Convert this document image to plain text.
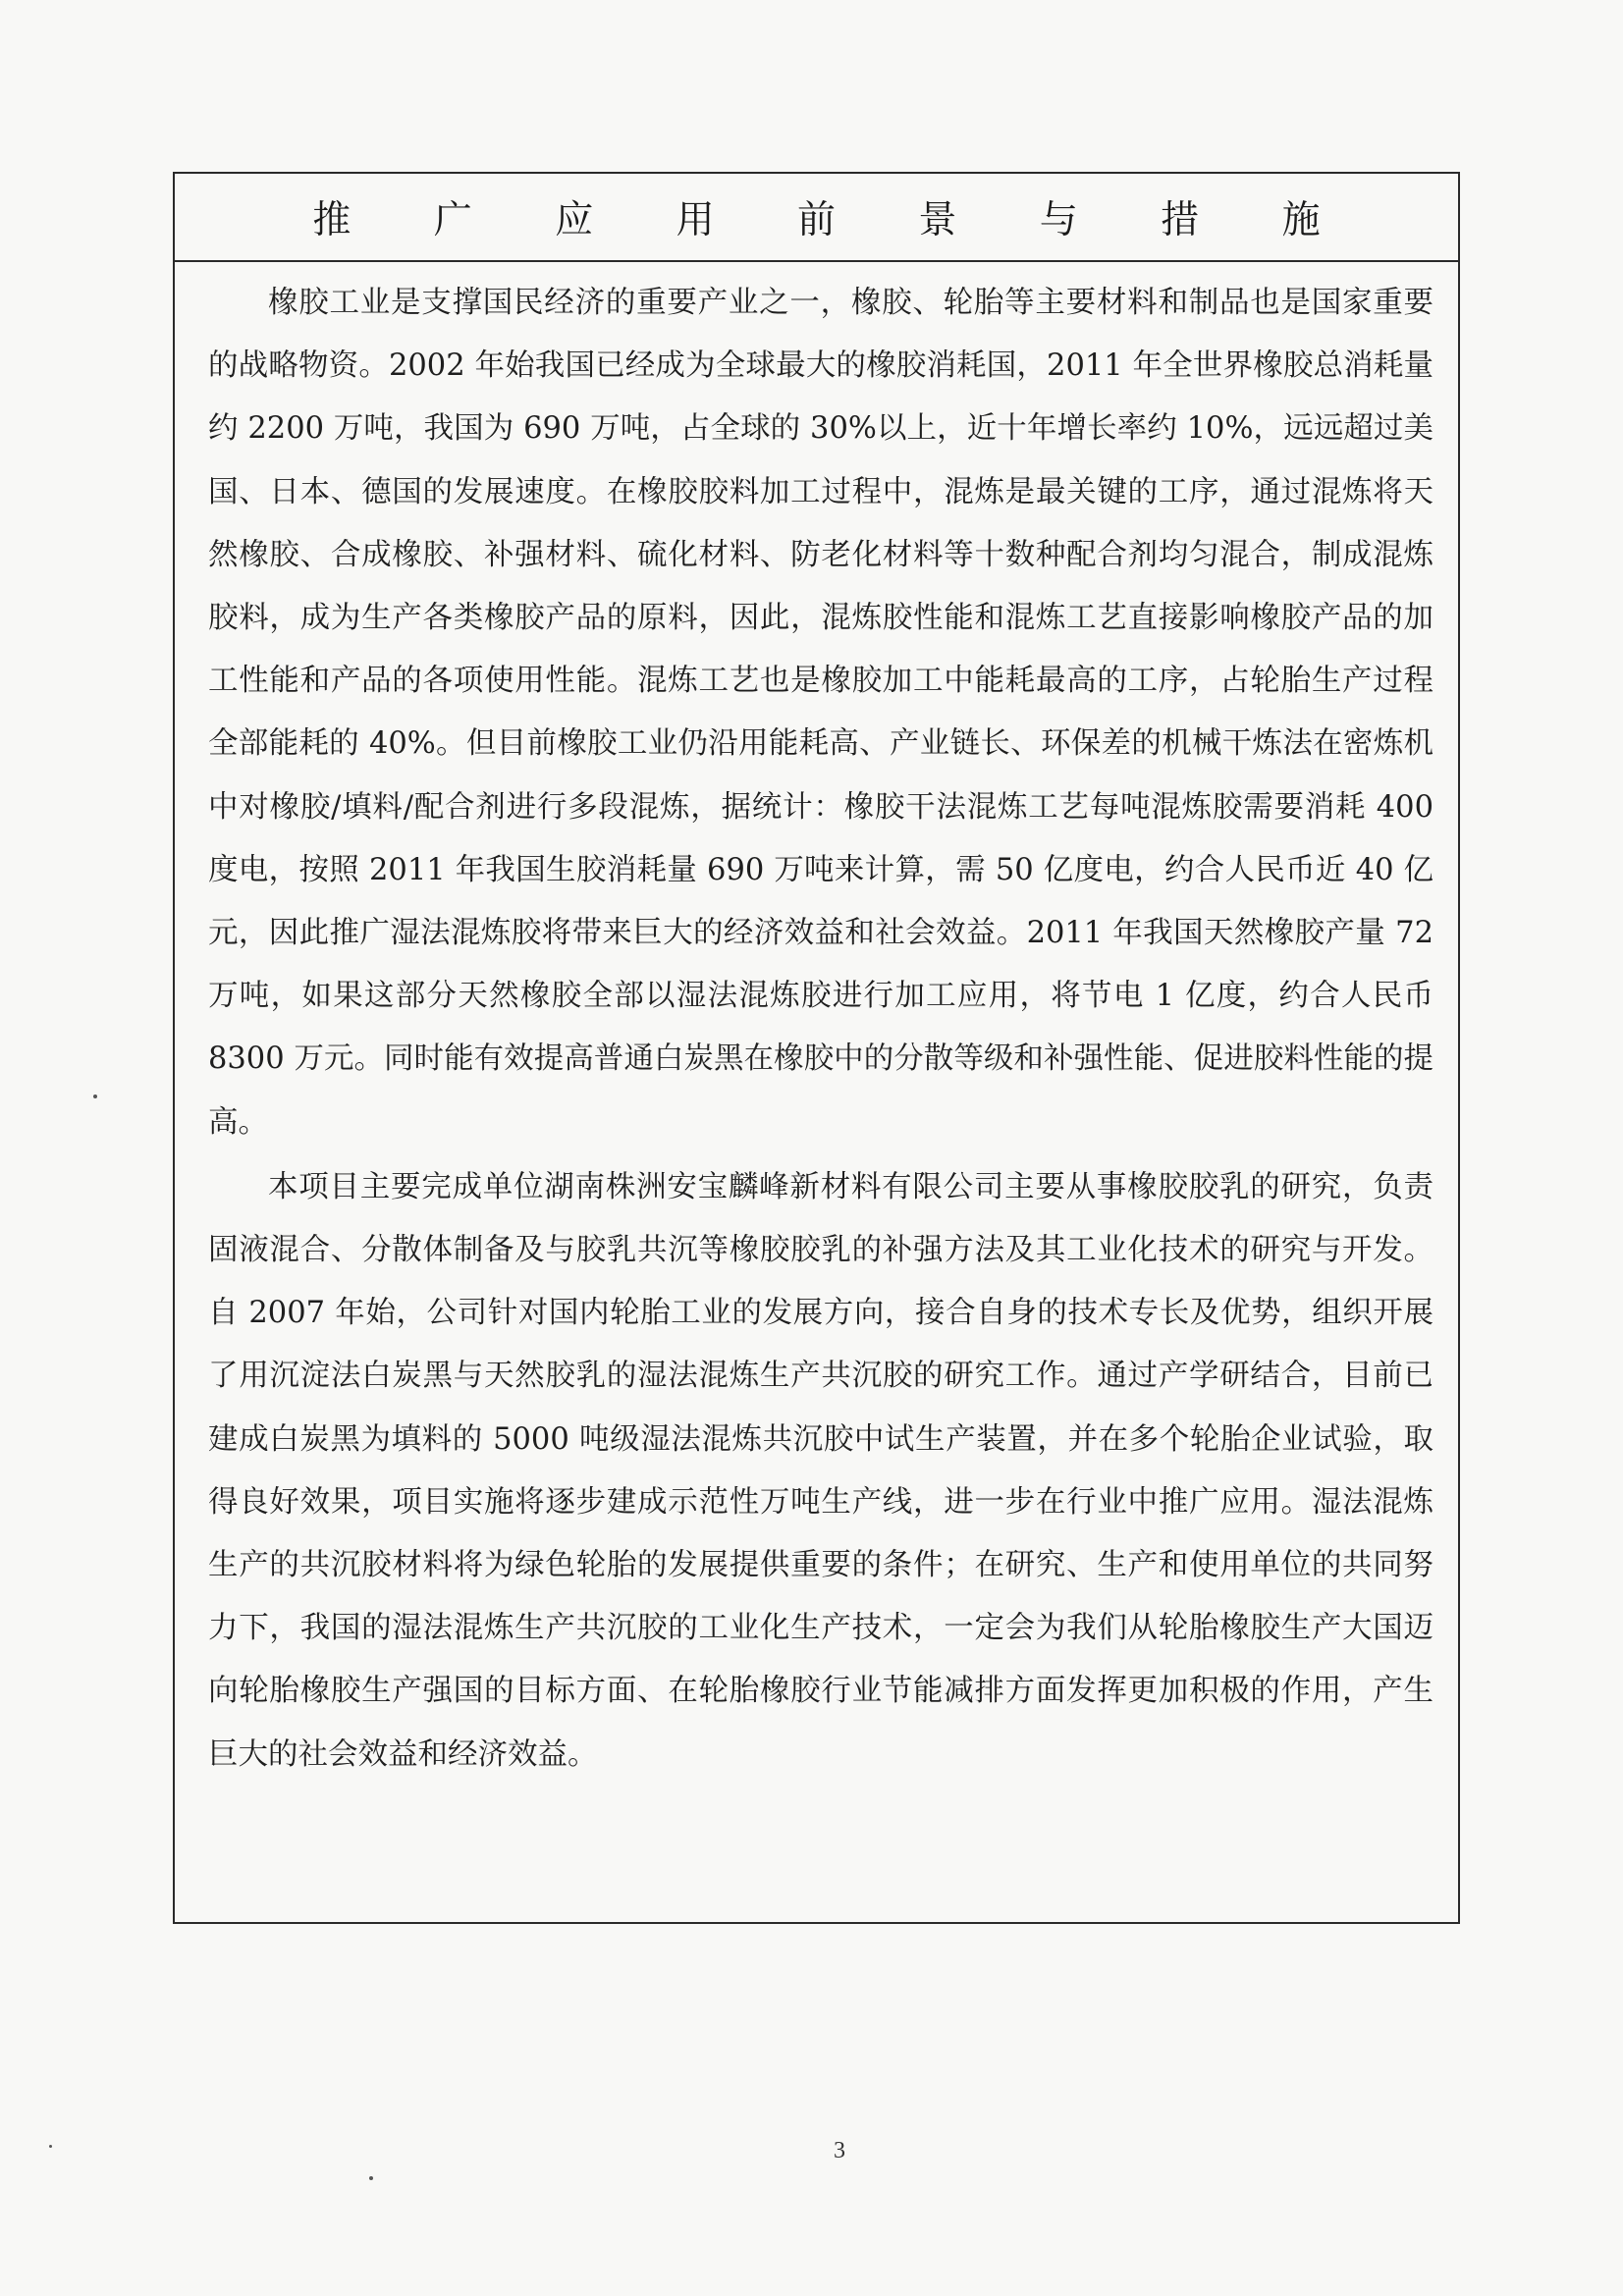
推 广 应 用 前 景 与 措 施

橡胶工业是支撑国民经济的重要产业之一，橡胶、轮胎等主要材料和制品也是国家重要的战略物资。2002 年始我国已经成为全球最大的橡胶消耗国，2011 年全世界橡胶总消耗量约 2200 万吨，我国为 690 万吨，占全球的 30%以上，近十年增长率约 10%，远远超过美国、日本、德国的发展速度。在橡胶胶料加工过程中，混炼是最关键的工序，通过混炼将天然橡胶、合成橡胶、补强材料、硫化材料、防老化材料等十数种配合剂均匀混合，制成混炼胶料，成为生产各类橡胶产品的原料，因此，混炼胶性能和混炼工艺直接影响橡胶产品的加工性能和产品的各项使用性能。混炼工艺也是橡胶加工中能耗最高的工序，占轮胎生产过程全部能耗的 40%。但目前橡胶工业仍沿用能耗高、产业链长、环保差的机械干炼法在密炼机中对橡胶/填料/配合剂进行多段混炼，据统计：橡胶干法混炼工艺每吨混炼胶需要消耗 400 度电，按照 2011 年我国生胶消耗量 690 万吨来计算，需 50 亿度电，约合人民币近 40 亿元，因此推广湿法混炼胶将带来巨大的经济效益和社会效益。2011 年我国天然橡胶产量 72 万吨，如果这部分天然橡胶全部以湿法混炼胶进行加工应用，将节电 1 亿度，约合人民币 8300 万元。同时能有效提高普通白炭黑在橡胶中的分散等级和补强性能、促进胶料性能的提高。

本项目主要完成单位湖南株洲安宝麟峰新材料有限公司主要从事橡胶胶乳的研究，负责固液混合、分散体制备及与胶乳共沉等橡胶胶乳的补强方法及其工业化技术的研究与开发。自 2007 年始，公司针对国内轮胎工业的发展方向，接合自身的技术专长及优势，组织开展了用沉淀法白炭黑与天然胶乳的湿法混炼生产共沉胶的研究工作。通过产学研结合，目前已建成白炭黑为填料的 5000 吨级湿法混炼共沉胶中试生产装置，并在多个轮胎企业试验，取得良好效果，项目实施将逐步建成示范性万吨生产线，进一步在行业中推广应用。湿法混炼生产的共沉胶材料将为绿色轮胎的发展提供重要的条件；在研究、生产和使用单位的共同努力下，我国的湿法混炼生产共沉胶的工业化生产技术，一定会为我们从轮胎橡胶生产大国迈向轮胎橡胶生产强国的目标方面、在轮胎橡胶行业节能减排方面发挥更加积极的作用，产生巨大的社会效益和经济效益。

3
